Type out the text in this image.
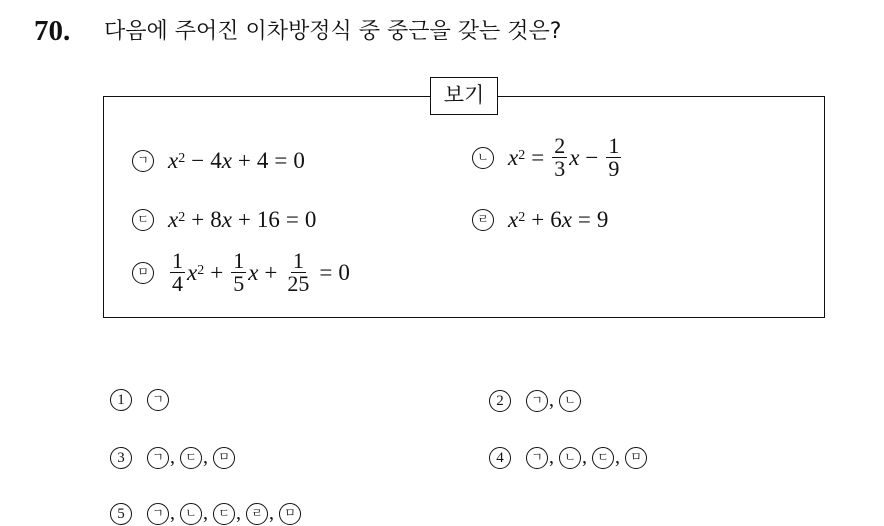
70. 다음에 주어진 이차방정식 중 중근을 갖는 것은?
보기
ㄱ $x^2 - 4$ x + 4 = 0	ㄴ $x^2 = \frac{2}{3}$ $x - \frac{1}{9}$
ㄷ $x^2 + 8$ x + 16 = 0	ㄹ $x^2 + 6$ x = 9
ㅁ $\frac{1}{4} x^2 + \frac{1}{5}$ $x + \frac{1}{25} = 0$
1	ㄱ	2	ㄱ , ㄴ
3	ㄱ , ㄷ , ㅁ	4	ㄱ , ㄴ , ㄷ , ㅁ
5	ㄱ , ㄴ , ㄷ , ㄹ , ㅁ
